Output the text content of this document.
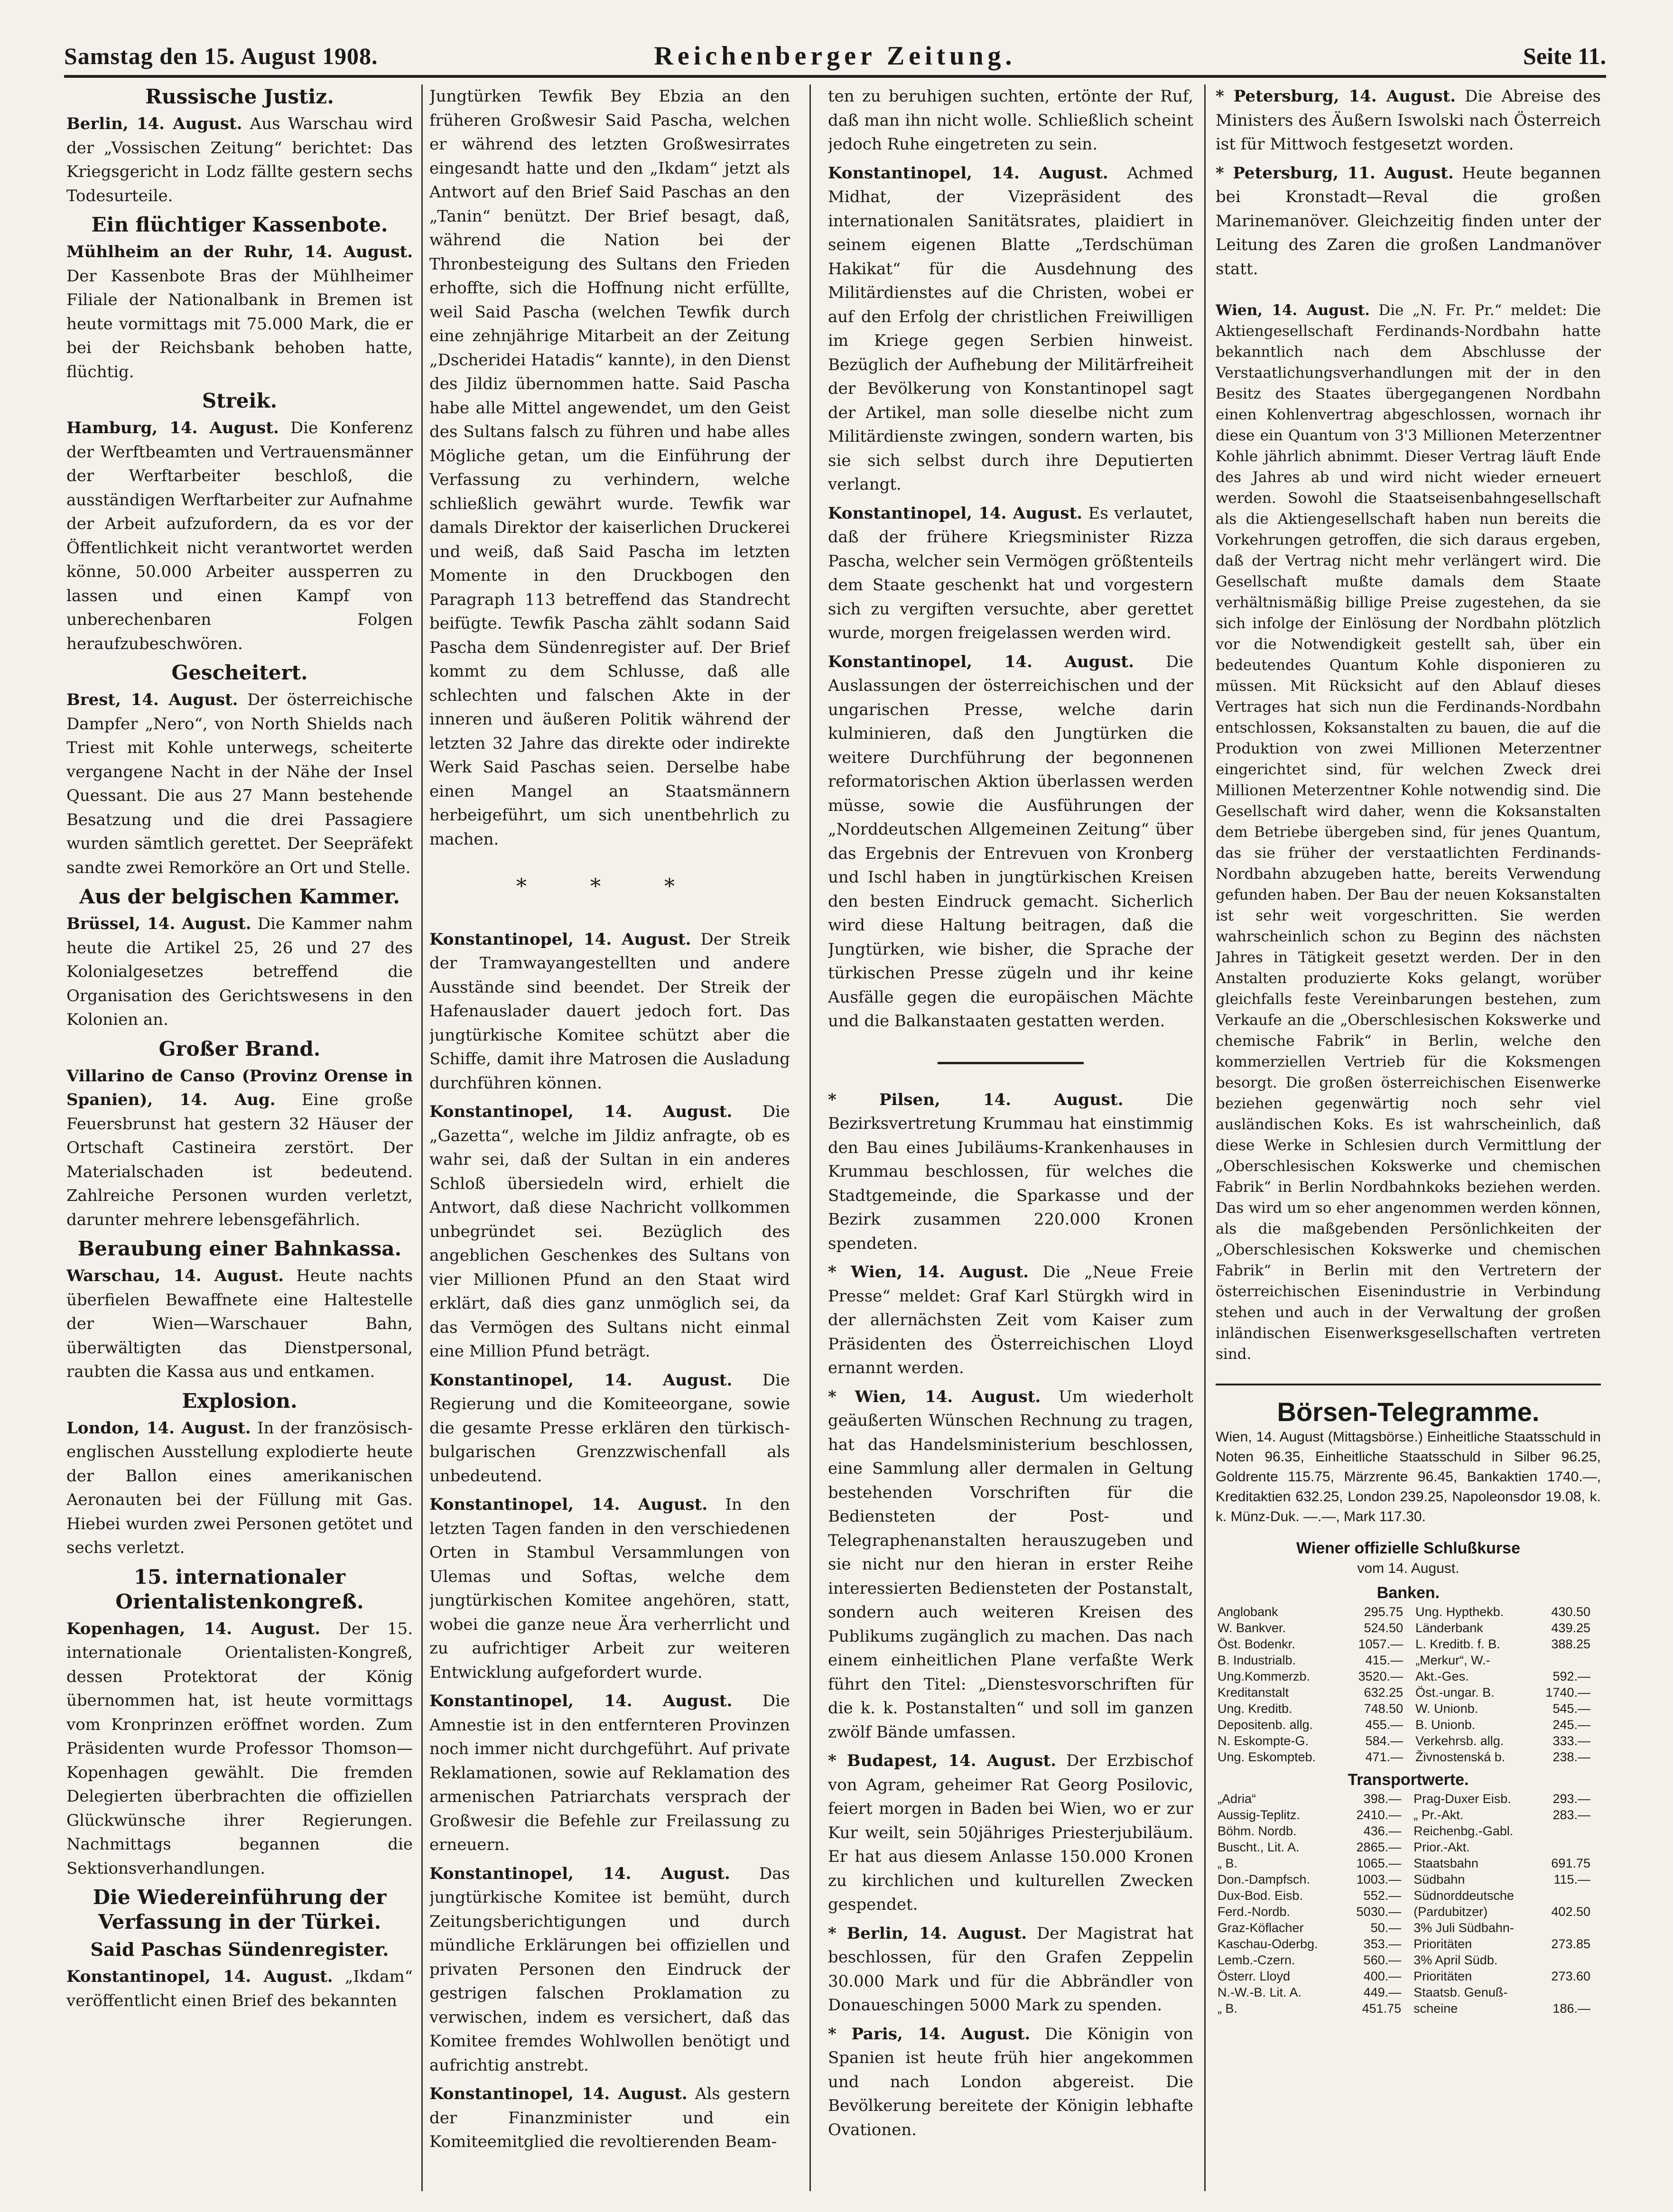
Samstag den 15. August 1908.	Reichenberger Zeitung.	Seite 11.
Russische Justiz.

Berlin, 14. August. Aus Warschau wird der „Vossischen Zeitung“ berichtet: Das Kriegsgericht in Lodz fällte gestern sechs Todesurteile.

Ein flüchtiger Kassenbote.

Mühlheim an der Ruhr, 14. August. Der Kassenbote Bras der Mühlheimer Filiale der Nationalbank in Bremen ist heute vormittags mit 75.000 Mark, die er bei der Reichsbank behoben hatte, flüchtig.

Streik.

Hamburg, 14. August. Die Konferenz der Werftbeamten und Vertrauensmänner der Werftarbeiter beschloß, die ausständigen Werftarbeiter zur Aufnahme der Arbeit aufzufordern, da es vor der Öffentlichkeit nicht verantwortet werden könne, 50.000 Arbeiter aussperren zu lassen und einen Kampf von unberechenbaren Folgen heraufzubeschwören.

Gescheitert.

Brest, 14. August. Der österreichische Dampfer „Nero“, von North Shields nach Triest mit Kohle unterwegs, scheiterte vergangene Nacht in der Nähe der Insel Quessant. Die aus 27 Mann bestehende Besatzung und die drei Passagiere wurden sämtlich gerettet. Der Seepräfekt sandte zwei Remorköre an Ort und Stelle.

Aus der belgischen Kammer.

Brüssel, 14. August. Die Kammer nahm heute die Artikel 25, 26 und 27 des Kolonialgesetzes betreffend die Organisation des Gerichtswesens in den Kolonien an.

Großer Brand.

Villarino de Canso (Provinz Orense in Spanien), 14. Aug. Eine große Feuersbrunst hat gestern 32 Häuser der Ortschaft Castineira zerstört. Der Materialschaden ist bedeutend. Zahlreiche Personen wurden verletzt, darunter mehrere lebensgefährlich.

Beraubung einer Bahnkassa.

Warschau, 14. August. Heute nachts überfielen Bewaffnete eine Haltestelle der Wien—Warschauer Bahn, überwältigten das Dienstpersonal, raubten die Kassa aus und entkamen.

Explosion.

London, 14. August. In der französisch-englischen Ausstellung explodierte heute der Ballon eines amerikanischen Aeronauten bei der Füllung mit Gas. Hiebei wurden zwei Personen getötet und sechs verletzt.

15. internationaler Orientalistenkongreß.

Kopenhagen, 14. August. Der 15. internationale Orientalisten-Kongreß, dessen Protektorat der König übernommen hat, ist heute vormittags vom Kronprinzen eröffnet worden. Zum Präsidenten wurde Professor Thomson—Kopenhagen gewählt. Die fremden Delegierten überbrachten die offiziellen Glückwünsche ihrer Regierungen. Nachmittags begannen die Sektionsverhandlungen.

Die Wiedereinführung der Verfassung in der Türkei.
Said Paschas Sündenregister.

Konstantinopel, 14. August. „Ikdam“ veröffentlicht einen Brief des bekannten

Jungtürken Tewfik Bey Ebzia an den früheren Großwesir Said Pascha, welchen er während des letzten Großwesirrates eingesandt hatte und den „Ikdam“ jetzt als Antwort auf den Brief Said Paschas an den „Tanin“ benützt. Der Brief besagt, daß, während die Nation bei der Thronbesteigung des Sultans den Frieden erhoffte, sich die Hoffnung nicht erfüllte, weil Said Pascha (welchen Tewfik durch eine zehnjährige Mitarbeit an der Zeitung „Dscheridei Hatadis“ kannte), in den Dienst des Jildiz übernommen hatte. Said Pascha habe alle Mittel angewendet, um den Geist des Sultans falsch zu führen und habe alles Mögliche getan, um die Einführung der Verfassung zu verhindern, welche schließlich gewährt wurde. Tewfik war damals Direktor der kaiserlichen Druckerei und weiß, daß Said Pascha im letzten Momente in den Druckbogen den Paragraph 113 betreffend das Standrecht beifügte. Tewfik Pascha zählt sodann Said Pascha dem Sündenregister auf. Der Brief kommt zu dem Schlusse, daß alle schlechten und falschen Akte in der inneren und äußeren Politik während der letzten 32 Jahre das direkte oder indirekte Werk Said Paschas seien. Derselbe habe einen Mangel an Staatsmännern herbeigeführt, um sich unentbehrlich zu machen.

* * *

Konstantinopel, 14. August. Der Streik der Tramwayangestellten und andere Ausstände sind beendet. Der Streik der Hafenauslader dauert jedoch fort. Das jungtürkische Komitee schützt aber die Schiffe, damit ihre Matrosen die Ausladung durchführen können.

Konstantinopel, 14. August. Die „Gazetta“, welche im Jildiz anfragte, ob es wahr sei, daß der Sultan in ein anderes Schloß übersiedeln wird, erhielt die Antwort, daß diese Nachricht vollkommen unbegründet sei. Bezüglich des angeblichen Geschenkes des Sultans von vier Millionen Pfund an den Staat wird erklärt, daß dies ganz unmöglich sei, da das Vermögen des Sultans nicht einmal eine Million Pfund beträgt.

Konstantinopel, 14. August. Die Regierung und die Komiteeorgane, sowie die gesamte Presse erklären den türkisch-bulgarischen Grenzzwischenfall als unbedeutend.

Konstantinopel, 14. August. In den letzten Tagen fanden in den verschiedenen Orten in Stambul Versammlungen von Ulemas und Softas, welche dem jungtürkischen Komitee angehören, statt, wobei die ganze neue Ära verherrlicht und zu aufrichtiger Arbeit zur weiteren Entwicklung aufgefordert wurde.

Konstantinopel, 14. August. Die Amnestie ist in den entfernteren Provinzen noch immer nicht durchgeführt. Auf private Reklamationen, sowie auf Reklamation des armenischen Patriarchats versprach der Großwesir die Befehle zur Freilassung zu erneuern.

Konstantinopel, 14. August. Das jungtürkische Komitee ist bemüht, durch Zeitungsberichtigungen und durch mündliche Erklärungen bei offiziellen und privaten Personen den Eindruck der gestrigen falschen Proklamation zu verwischen, indem es versichert, daß das Komitee fremdes Wohlwollen benötigt und aufrichtig anstrebt.

Konstantinopel, 14. August. Als gestern der Finanzminister und ein Komiteemitglied die revoltierenden Beam-

ten zu beruhigen suchten, ertönte der Ruf, daß man ihn nicht wolle. Schließlich scheint jedoch Ruhe eingetreten zu sein.

Konstantinopel, 14. August. Achmed Midhat, der Vizepräsident des internationalen Sanitätsrates, plaidiert in seinem eigenen Blatte „Terdschüman Hakikat“ für die Ausdehnung des Militärdienstes auf die Christen, wobei er auf den Erfolg der christlichen Freiwilligen im Kriege gegen Serbien hinweist. Bezüglich der Aufhebung der Militärfreiheit der Bevölkerung von Konstantinopel sagt der Artikel, man solle dieselbe nicht zum Militärdienste zwingen, sondern warten, bis sie sich selbst durch ihre Deputierten verlangt.

Konstantinopel, 14. August. Es verlautet, daß der frühere Kriegsminister Rizza Pascha, welcher sein Vermögen größtenteils dem Staate geschenkt hat und vorgestern sich zu vergiften versuchte, aber gerettet wurde, morgen freigelassen werden wird.

Konstantinopel, 14. August. Die Auslassungen der österreichischen und der ungarischen Presse, welche darin kulminieren, daß den Jungtürken die weitere Durchführung der begonnenen reformatorischen Aktion überlassen werden müsse, sowie die Ausführungen der „Norddeutschen Allgemeinen Zeitung“ über das Ergebnis der Entrevuen von Kronberg und Ischl haben in jungtürkischen Kreisen den besten Eindruck gemacht. Sicherlich wird diese Haltung beitragen, daß die Jungtürken, wie bisher, die Sprache der türkischen Presse zügeln und ihr keine Ausfälle gegen die europäischen Mächte und die Balkanstaaten gestatten werden.

* Pilsen, 14. August.	Die Bezirksvertretung Krummau hat einstimmig den Bau eines Jubiläums-Krankenhauses in Krummau beschlossen, für welches die Stadtgemeinde, die Sparkasse und der Bezirk zusammen 220.000 Kronen spendeten.

* Wien, 14. August. Die „Neue Freie Presse“ meldet: Graf Karl Stürgkh wird in der allernächsten Zeit vom Kaiser zum Präsidenten des Österreichischen Lloyd ernannt werden.

* Wien, 14. August. Um wiederholt geäußerten Wünschen Rechnung zu tragen, hat das Handelsministerium beschlossen, eine Sammlung aller dermalen in Geltung bestehenden Vorschriften für die Bediensteten der Post- und Telegraphenanstalten herauszugeben und sie nicht nur den hieran in erster Reihe interessierten Bediensteten der Postanstalt, sondern auch weiteren Kreisen des Publikums zugänglich zu machen. Das nach einem einheitlichen Plane verfaßte Werk führt den Titel: „Dienstesvorschriften für die k. k. Postanstalten“ und soll im ganzen zwölf Bände umfassen.

* Budapest, 14. August. Der Erzbischof von Agram, geheimer Rat Georg Posilovic, feiert morgen in Baden bei Wien, wo er zur Kur weilt, sein 50jähriges Priesterjubiläum. Er hat aus diesem Anlasse 150.000 Kronen zu kirchlichen und kulturellen Zwecken gespendet.

* Berlin, 14. August. Der Magistrat hat beschlossen, für den Grafen Zeppelin 30.000 Mark und für die Abbrändler von Donaueschingen 5000 Mark zu spenden.

* Paris, 14. August. Die Königin von Spanien ist heute früh hier angekommen und nach London abgereist. Die Bevölkerung bereitete der Königin lebhafte Ovationen.

* Petersburg, 14. August. Die Abreise des Ministers des Äußern Iswolski nach Österreich ist für Mittwoch festgesetzt worden.

* Petersburg, 11. August. Heute begannen bei Kronstadt—Reval die großen Marinemanöver. Gleichzeitig finden unter der Leitung des Zaren die großen Landmanöver statt.

Wien, 14. August. Die „N. Fr. Pr.“ meldet: Die Aktiengesellschaft Ferdinands-Nordbahn hatte bekanntlich nach dem Abschlusse der Verstaatlichungsverhandlungen mit der in den Besitz des Staates übergegangenen Nordbahn einen Kohlenvertrag abgeschlossen, wornach ihr diese ein Quantum von 3'3 Millionen Meterzentner Kohle jährlich abnimmt. Dieser Vertrag läuft Ende des Jahres ab und wird nicht wieder erneuert werden. Sowohl die Staatseisenbahngesellschaft als die Aktiengesellschaft haben nun bereits die Vorkehrungen getroffen, die sich daraus ergeben, daß der Vertrag nicht mehr verlängert wird. Die Gesellschaft mußte damals dem Staate verhältnismäßig billige Preise zugestehen, da sie sich infolge der Einlösung der Nordbahn plötzlich vor die Notwendigkeit gestellt sah, über ein bedeutendes Quantum Kohle disponieren zu müssen. Mit Rücksicht auf den Ablauf dieses Vertrages hat sich nun die Ferdinands-Nordbahn entschlossen, Koksanstalten zu bauen, die auf die Produktion von zwei Millionen Meterzentner eingerichtet sind, für welchen Zweck drei Millionen Meterzentner Kohle notwendig sind. Die Gesellschaft wird daher, wenn die Koksanstalten dem Betriebe übergeben sind, für jenes Quantum, das sie früher der verstaatlichten Ferdinands-Nordbahn abzugeben hatte, bereits Verwendung gefunden haben. Der Bau der neuen Koksanstalten ist sehr weit vorgeschritten. Sie werden wahrscheinlich schon zu Beginn des nächsten Jahres in Tätigkeit gesetzt werden. Der in den Anstalten produzierte Koks gelangt, worüber gleichfalls feste Vereinbarungen bestehen, zum Verkaufe an die „Oberschlesischen Kokswerke und chemische Fabrik“ in Berlin, welche den kommerziellen Vertrieb für die Koksmengen besorgt. Die großen österreichischen Eisenwerke beziehen gegenwärtig noch sehr viel ausländischen Koks. Es ist wahrscheinlich, daß diese Werke in Schlesien durch Vermittlung der „Oberschlesischen Kokswerke und chemischen Fabrik“ in Berlin Nordbahnkoks beziehen werden. Das wird um so eher angenommen werden können, als die maßgebenden Persönlichkeiten der „Oberschlesischen Kokswerke und chemischen Fabrik“ in Berlin mit den Vertretern der österreichischen Eisenindustrie in Verbindung stehen und auch in der Verwaltung der großen inländischen Eisenwerksgesellschaften vertreten sind.

Börsen-Telegramme.

Wien, 14. August (Mittagsbörse.) Einheitliche Staatsschuld in Noten 96.35, Einheitliche Staatsschuld in Silber 96.25, Goldrente 115.75, Märzrente 96.45, Bankaktien 1740.—, Kreditaktien 632.25, London 239.25, Napoleonsdor 19.08, k. k. Münz-Duk. —.—, Mark 117.30.

Wiener offizielle Schlußkurse
vom 14. August.
Banken.
Anglobank	295.75	Ung. Hypthekb.	430.50
W. Bankver.	524.50	Länderbank	439.25
Öst. Bodenkr.	1057.—	L. Kreditb. f. B.	388.25
B. Industrialb.	415.—	„Merkur“, W.-	
Ung.Kommerzb.	3520.—	Akt.-Ges.	592.—
Kreditanstalt	632.25	Öst.-ungar. B.	1740.—
Ung. Kreditb.	748.50	W. Unionb.	545.—
Depositenb. allg.	455.—	B. Unionb.	245.—
N. Eskompte-G.	584.—	Verkehrsb. allg.	333.—
Ung. Eskompteb.	471.—	Živnostenská b.	238.—
Transportwerte.
„Adria“	398.—	Prag-Duxer Eisb.	293.—
Aussig-Teplitz.	2410.—	„ Pr.-Akt.	283.—
Böhm. Nordb.	436.—	Reichenbg.-Gabl.	
Buscht., Lit. A.	2865.—	Prior.-Akt.	
„ B.	1065.—	Staatsbahn	691.75
Don.-Dampfsch.	1003.—	Südbahn	115.—
Dux-Bod. Eisb.	552.—	Südnorddeutsche	
Ferd.-Nordb.	5030.—	(Pardubitzer)	402.50
Graz-Köflacher	50.—	3% Juli Südbahn-	
Kaschau-Oderbg.	353.—	Prioritäten	273.85
Lemb.-Czern.	560.—	3% April Südb.	
Österr. Lloyd	400.—	Prioritäten	273.60
N.-W.-B. Lit. A.	449.—	Staatsb. Genuß-	
„ B.	451.75	scheine	186.—
